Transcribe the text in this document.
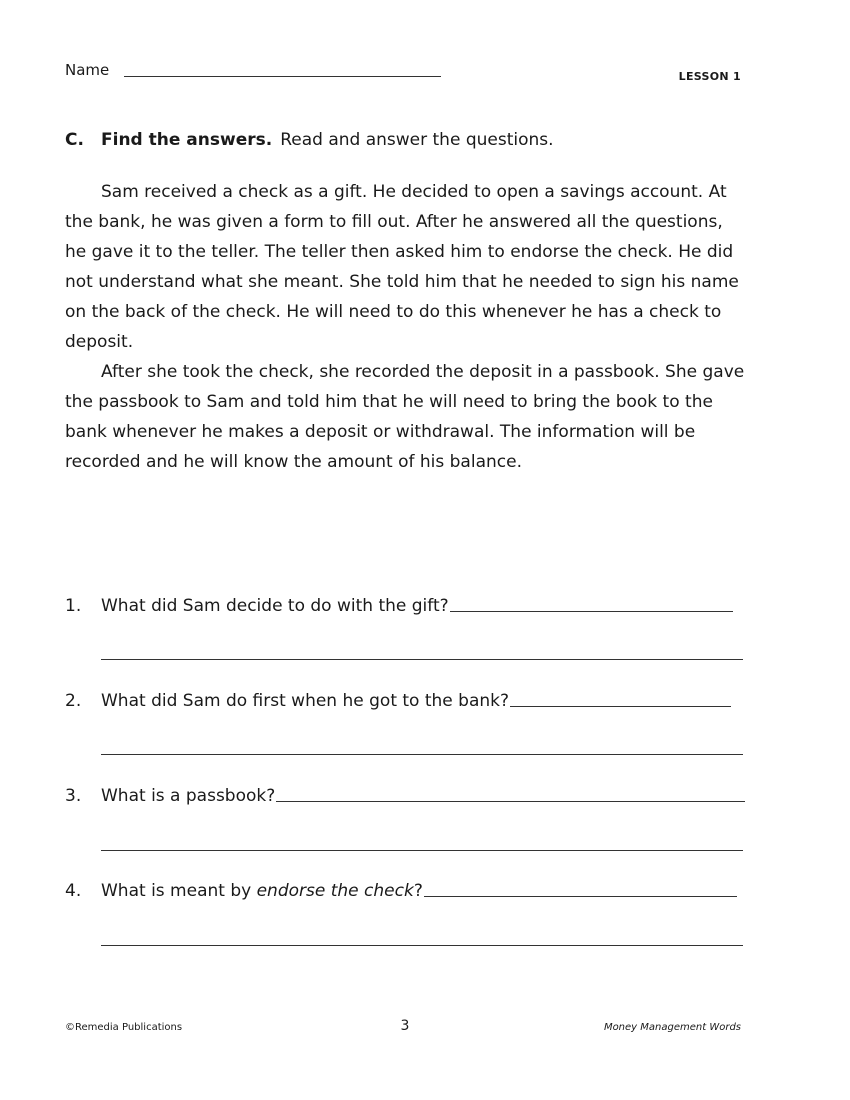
Name	LESSON 1
C. Find the answers. Read and answer the questions.

Sam received a check as a gift. He decided to open a savings account. At the bank, he was given a form to fill out. After he answered all the questions, he gave it to the teller. The teller then asked him to endorse the check. He did not understand what she meant. She told him that he needed to sign his name on the back of the check. He will need to do this whenever he has a check to deposit.

After she took the check, she recorded the deposit in a passbook. She gave the passbook to Sam and told him that he will need to bring the book to the bank whenever he makes a deposit or withdrawal. The information will be recorded and he will know the amount of his balance.

1.	What did Sam decide to do with the gift?
2.	What did Sam do first when he got to the bank?
3.	What is a passbook?
4.	What is meant by endorse the check?
©Remedia Publications	3	Money Management Words
